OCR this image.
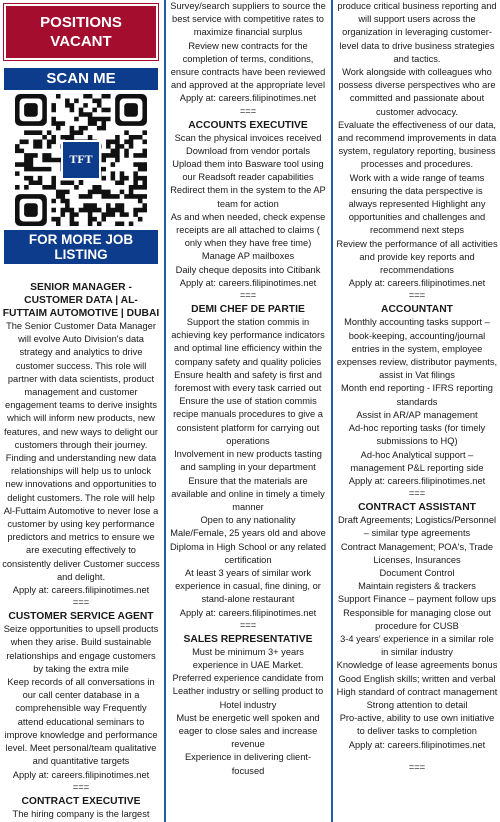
POSITIONS VACANT
SCAN ME
TFT
FOR MORE JOB LISTING
SENIOR MANAGER - CUSTOMER DATA | AL-FUTTAIM AUTOMOTIVE | DUBAI

The Senior Customer Data Manager will evolve Auto Division's data strategy and analytics to drive customer success. This role will partner with data scientists, product management and customer engagement teams to derive insights which will inform new products, new features, and new ways to delight our customers through their journey. Finding and understanding new data relationships will help us to unlock new innovations and opportunities to delight customers. The role will help Al-Futtaim Automotive to never lose a customer by using key performance predictors and metrics to ensure we are executing effectively to consistently deliver Customer success and delight.

Apply at: careers.filipinotimes.net

===

CUSTOMER SERVICE AGENT

Seize opportunities to upsell products when they arise. Build sustainable relationships and engage customers by taking the extra mile

Keep records of all conversations in our call center database in a comprehensible way Frequently attend educational seminars to improve knowledge and performance level. Meet personal/team qualitative and quantitative targets

Apply at: careers.filipinotimes.net

===

CONTRACT EXECUTIVE

The hiring company is the largest

Survey/search suppliers to source the best service with competitive rates to maximize financial surplus

Review new contracts for the completion of terms, conditions, ensure contracts have been reviewed and approved at the appropriate level

Apply at: careers.filipinotimes.net

===

ACCOUNTS EXECUTIVE

Scan the physical invoices received

Download from vendor portals

Upload them into Basware tool using our Readsoft reader capabilities

Redirect them in the system to the AP team for action

As and when needed, check expense receipts are all attached to claims ( only when they have free time)

Manage AP mailboxes

Daily cheque deposits into Citibank

Apply at: careers.filipinotimes.net

===

DEMI CHEF DE PARTIE

Support the station commis in achieving key performance indicators and optimal line efficiency within the company safety and quality policies

Ensure health and safety is first and foremost with every task carried out

Ensure the use of station commis recipe manuals procedures to give a consistent platform for carrying out operations

Involvement in new products tasting and sampling in your department

Ensure that the materials are available and online in timely a timely manner

Open to any nationality

Male/Female, 25 years old and above

Diploma in High School or any related certification

At least 3 years of similar work experience in casual, fine dining, or stand-alone restaurant

Apply at: careers.filipinotimes.net

===

SALES REPRESENTATIVE

Must be minimum 3+ years experience in UAE Market.

Preferred experience candidate from Leather industry or selling product to Hotel industry

Must be energetic well spoken and eager to close sales and increase revenue

Experience in delivering client-focused

produce critical business reporting and will support users across the organization in leveraging customer-level data to drive business strategies and tactics.

Work alongside with colleagues who possess diverse perspectives who are committed and passionate about customer advocacy.

Evaluate the effectiveness of our data, and recommend improvements in data system, regulatory reporting, business processes and procedures.

Work with a wide range of teams ensuring the data perspective is always represented Highlight any opportunities and challenges and recommend next steps

Review the performance of all activities and provide key reports and recommendations

Apply at: careers.filipinotimes.net

===

ACCOUNTANT

Monthly accounting tasks support – book-keeping, accounting/journal entries in the system, employee expenses review, distributor payments, assist in Vat filings

Month end reporting - IFRS reporting standards

Assist in AR/AP management

Ad-hoc reporting tasks (for timely submissions to HQ)

Ad-hoc Analytical support – management P&L reporting side

Apply at: careers.filipinotimes.net

===

CONTRACT ASSISTANT

Draft Agreements; Logistics/Personnel – similar type agreements

Contract Management; POA's, Trade Licenses, Insurances

Document Control

Maintain registers & trackers

Support Finance – payment follow ups

Responsible for managing close out procedure for CUSB

3-4 years' experience in a similar role in similar industry

Knowledge of lease agreements bonus

Good English skills; written and verbal

High standard of contract management

Strong attention to detail

Pro-active, ability to use own initiative to deliver tasks to completion

Apply at: careers.filipinotimes.net

===
